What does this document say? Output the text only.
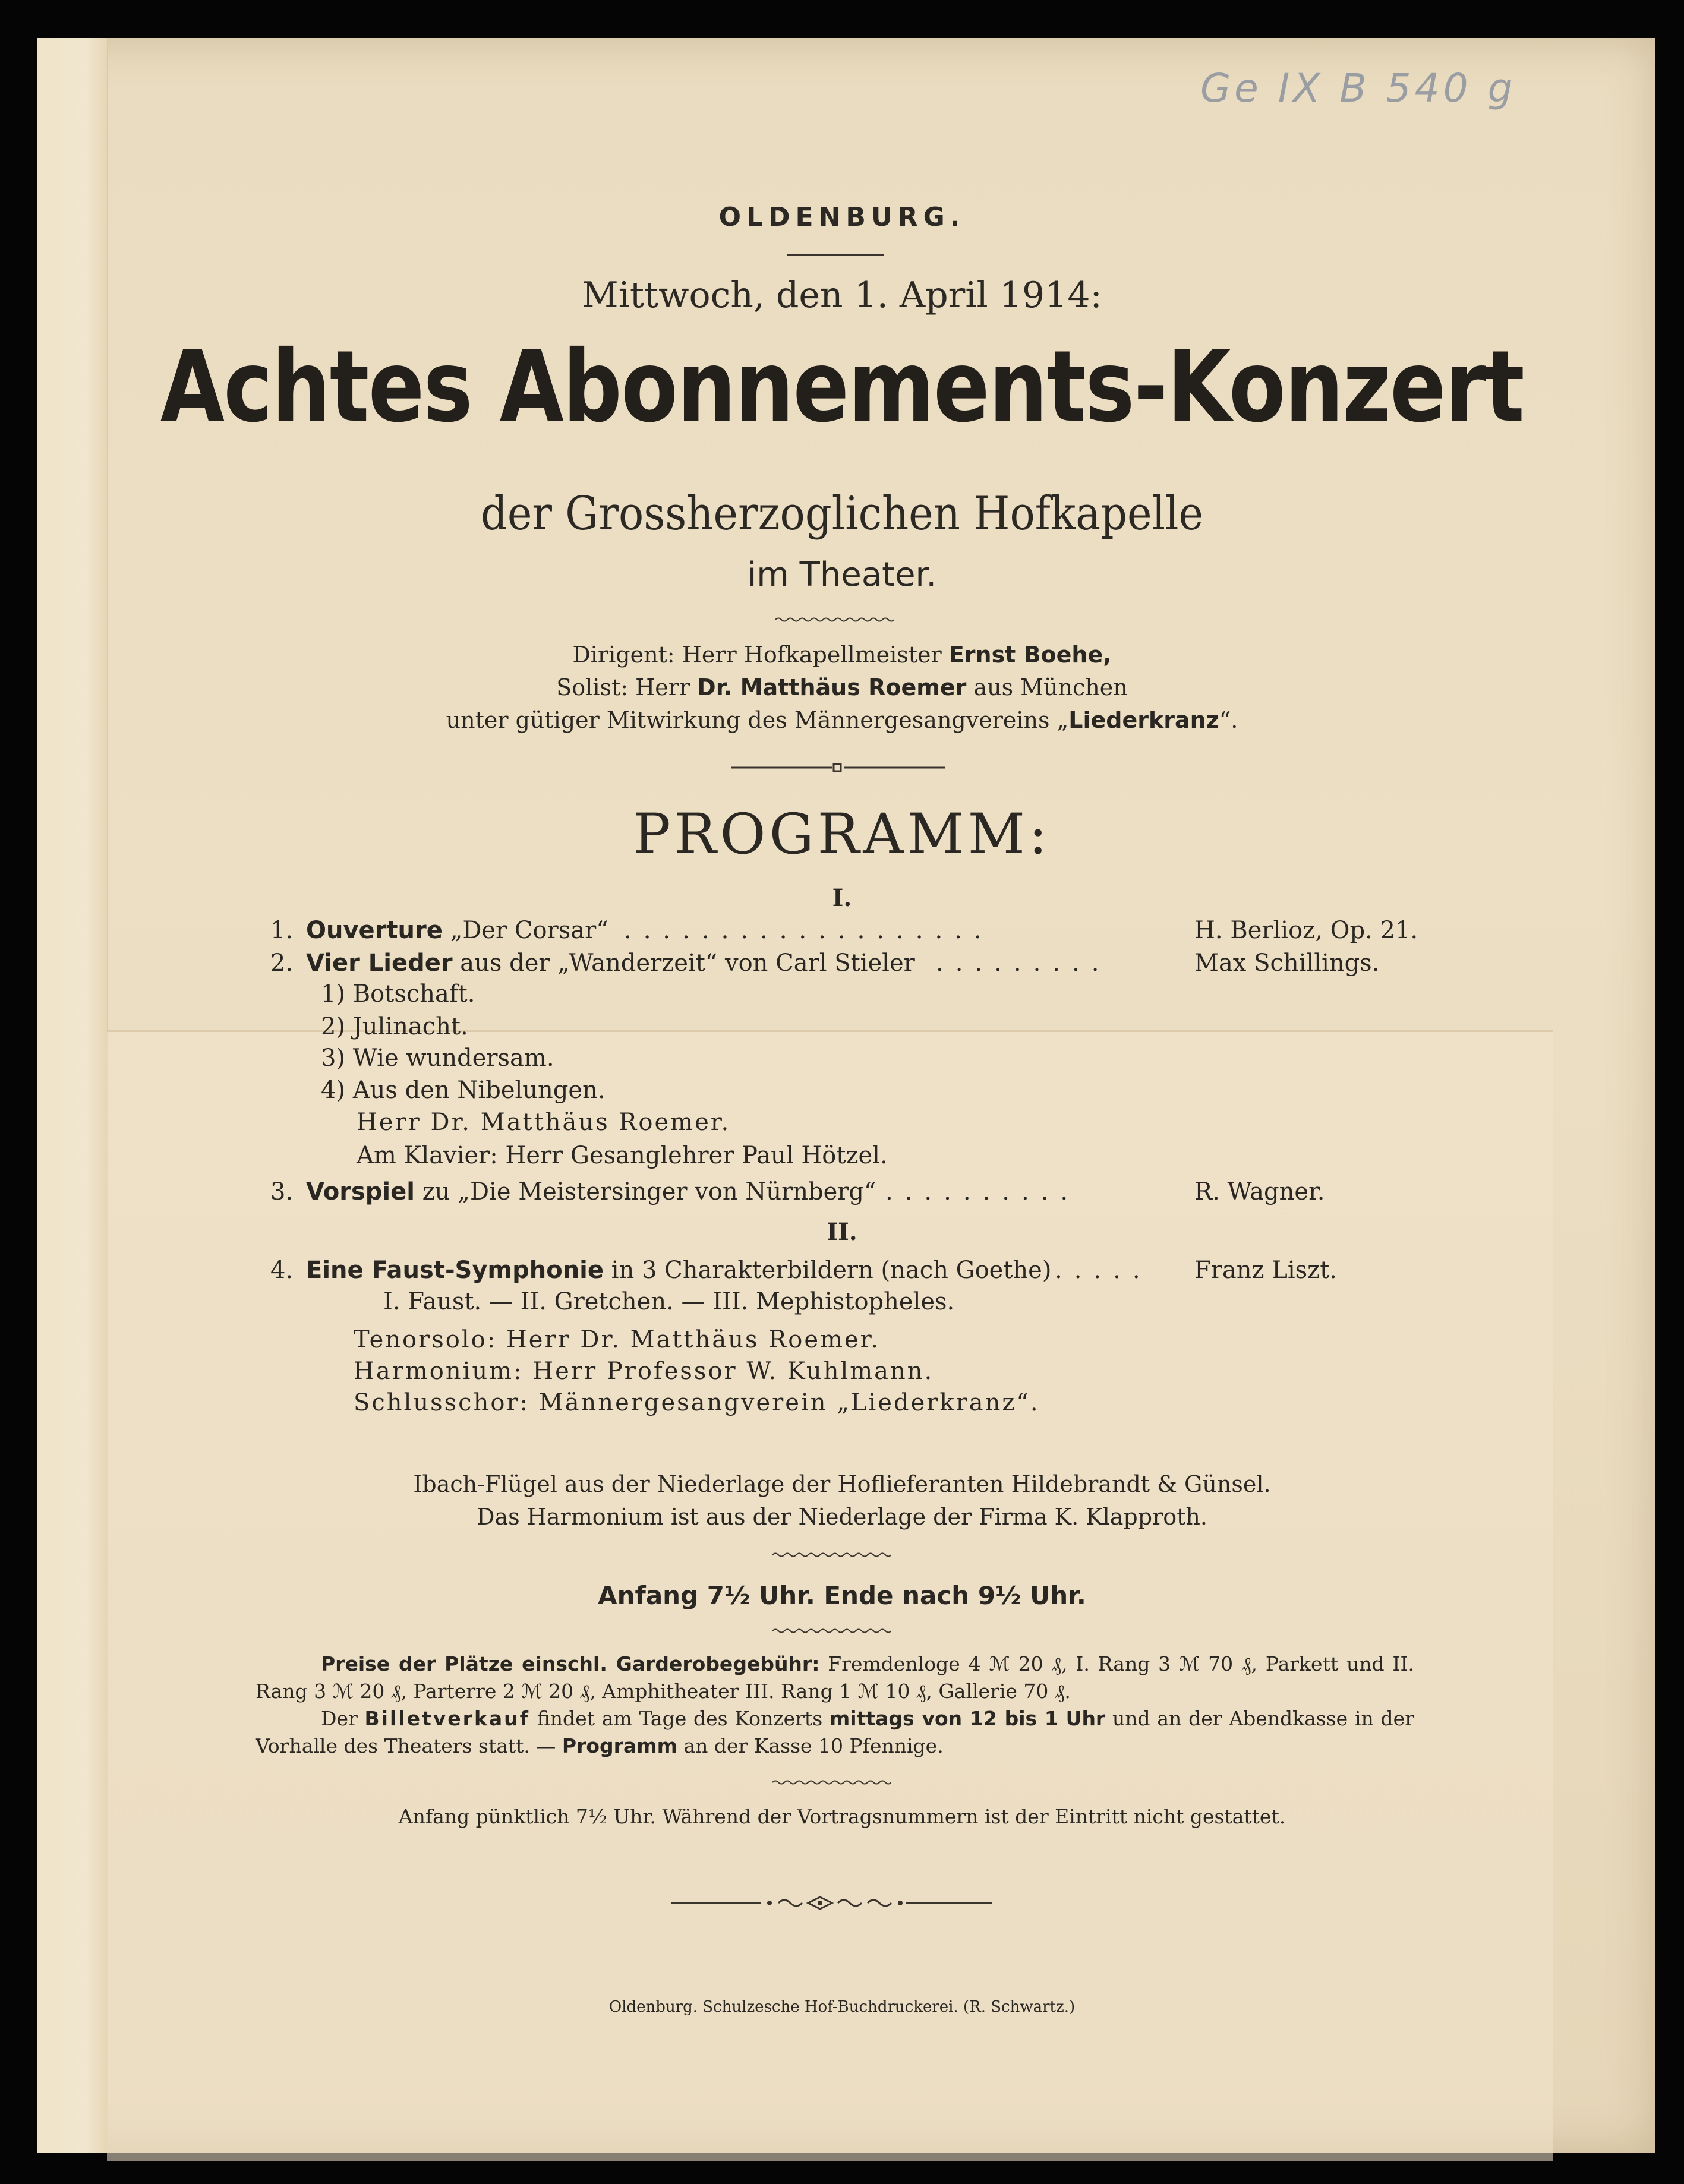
Ge IX B 540 g
OLDENBURG.
Mittwoch, den 1. April 1914:
Achtes Abonnements-Konzert
der Grossherzoglichen Hofkapelle
im Theater.
Dirigent: Herr Hofkapellmeister Ernst Boehe,
Solist: Herr Dr. Matthäus Roemer aus München
unter gütiger Mitwirkung des Männergesangvereins „Liederkranz“.
PROGRAMM:
I.
1. Ouverture „Der Corsar“ ...................	H. Berlioz, Op. 21.
2. Vier Lieder aus der „Wanderzeit“ von Carl Stieler .........	Max Schillings.
1) Botschaft.
2) Julinacht.
3) Wie wundersam.
4) Aus den Nibelungen.
Herr Dr. Matthäus Roemer.
Am Klavier: Herr Gesanglehrer Paul Hötzel.
3. Vorspiel zu „Die Meistersinger von Nürnberg“ ..........	R. Wagner.
II.
4. Eine Faust-Symphonie in 3 Charakterbildern (nach Goethe) ..... Franz Liszt.
I. Faust. — II. Gretchen. — III. Mephistopheles.
Tenorsolo: Herr Dr. Matthäus Roemer.
Harmonium: Herr Professor W. Kuhlmann.
Schlusschor: Männergesangverein „Liederkranz“.
Ibach-Flügel aus der Niederlage der Hoflieferanten Hildebrandt & Günsel.
Das Harmonium ist aus der Niederlage der Firma K. Klapproth.
Anfang 7½ Uhr. Ende nach 9½ Uhr.
Preise der Plätze einschl. Garderobegebühr: Fremdenloge 4 ℳ 20 ₰, I. Rang 3 ℳ 70 ₰, Parkett und II. Rang 3 ℳ 20 ₰, Parterre 2 ℳ 20 ₰, Amphitheater III. Rang 1 ℳ 10 ₰, Gallerie 70 ₰.
Der Billetverkauf findet am Tage des Konzerts mittags von 12 bis 1 Uhr und an der Abendkasse in der Vorhalle des Theaters statt. — Programm an der Kasse 10 Pfennige.
Anfang pünktlich 7½ Uhr. Während der Vortragsnummern ist der Eintritt nicht gestattet.
Oldenburg. Schulzesche Hof-Buchdruckerei. (R. Schwartz.)
